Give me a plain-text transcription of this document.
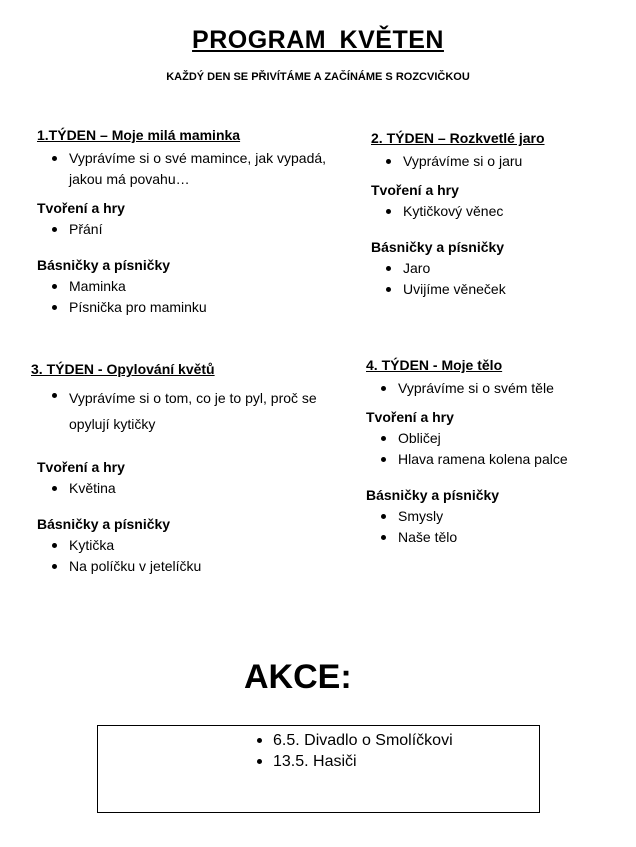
PROGRAM KVĚTEN
KAŽDÝ DEN SE PŘIVÍTÁME A ZAČÍNÁME S ROZCVIČKOU
1.TÝDEN – Moje milá maminka
Vyprávíme si o své mamince, jak vypadá, jakou má povahu…
Tvoření a hry
Přání
Básničky a písničky
Maminka
Písnička pro maminku
2. TÝDEN – Rozkvetlé jaro
Vyprávíme si o jaru
Tvoření a hry
Kytičkový věnec
Básničky a písničky
Jaro
Uvijíme věneček
3. TÝDEN - Opylování květů
Vyprávíme si o tom, co je to pyl, proč se opylují kytičky
Tvoření a hry
Květina
Básničky a písničky
Kytička
Na políčku v jetelíčku
4. TÝDEN - Moje tělo
Vyprávíme si o svém těle
Tvoření a hry
Obličej
Hlava ramena kolena palce
Básničky a písničky
Smysly
Naše tělo
AKCE:
6.5. Divadlo o Smolíčkovi
13.5. Hasiči
